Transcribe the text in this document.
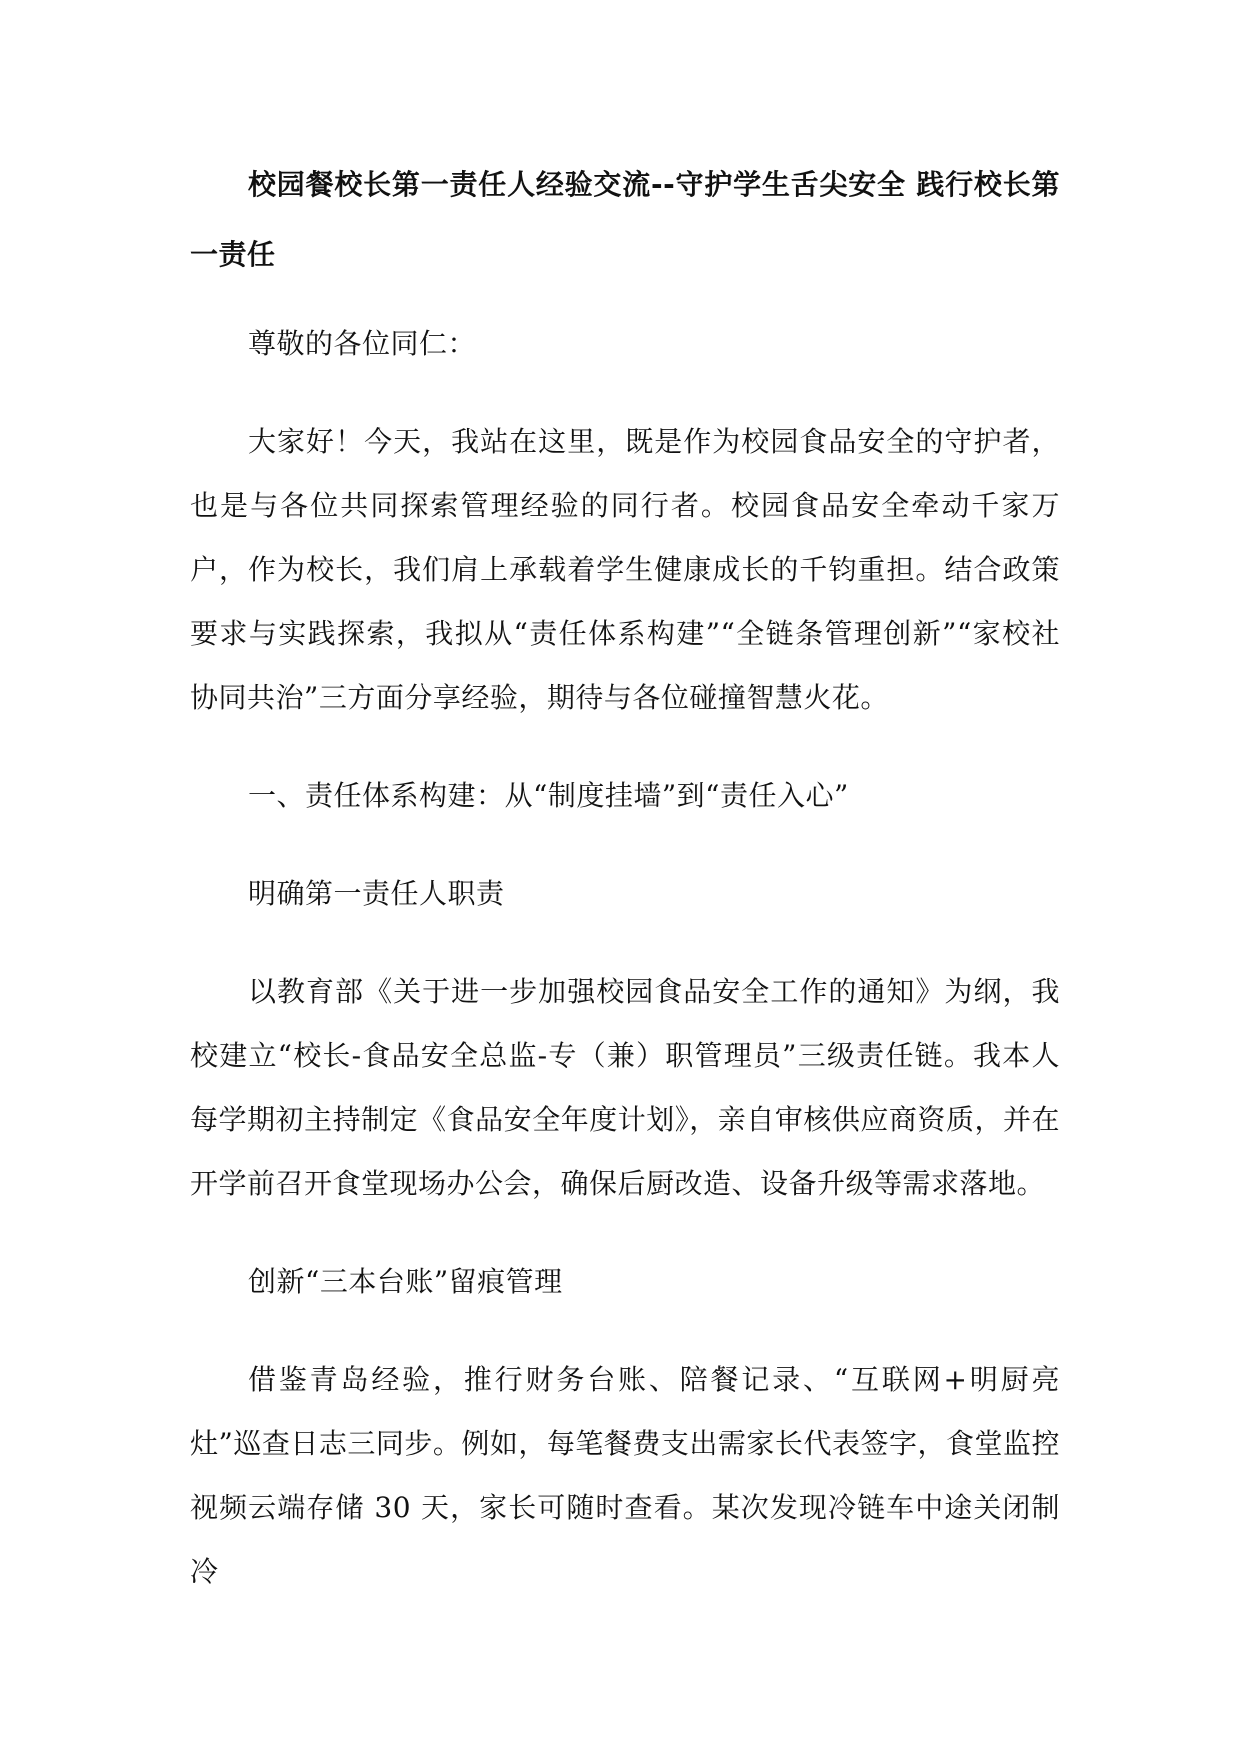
校园餐校长第一责任人经验交流--守护学生舌尖安全 践行校长第一责任

尊敬的各位同仁：

大家好！今天，我站在这里，既是作为校园食品安全的守护者，也是与各位共同探索管理经验的同行者。校园食品安全牵动千家万户，作为校长，我们肩上承载着学生健康成长的千钧重担。结合政策要求与实践探索，我拟从“责任体系构建”“全链条管理创新”“家校社协同共治”三方面分享经验，期待与各位碰撞智慧火花。

一、责任体系构建：从“制度挂墙”到“责任入心”

明确第一责任人职责

以教育部《关于进一步加强校园食品安全工作的通知》为纲，我校建立“校长-食品安全总监-专（兼）职管理员”三级责任链。我本人每学期初主持制定《食品安全年度计划》，亲自审核供应商资质，并在开学前召开食堂现场办公会，确保后厨改造、设备升级等需求落地。

创新“三本台账”留痕管理

借鉴青岛经验，推行财务台账、陪餐记录、“互联网+明厨亮灶”巡查日志三同步。例如，每笔餐费支出需家长代表签字，食堂监控视频云端存储 30 天，家长可随时查看。某次发现冷链车中途关闭制冷
